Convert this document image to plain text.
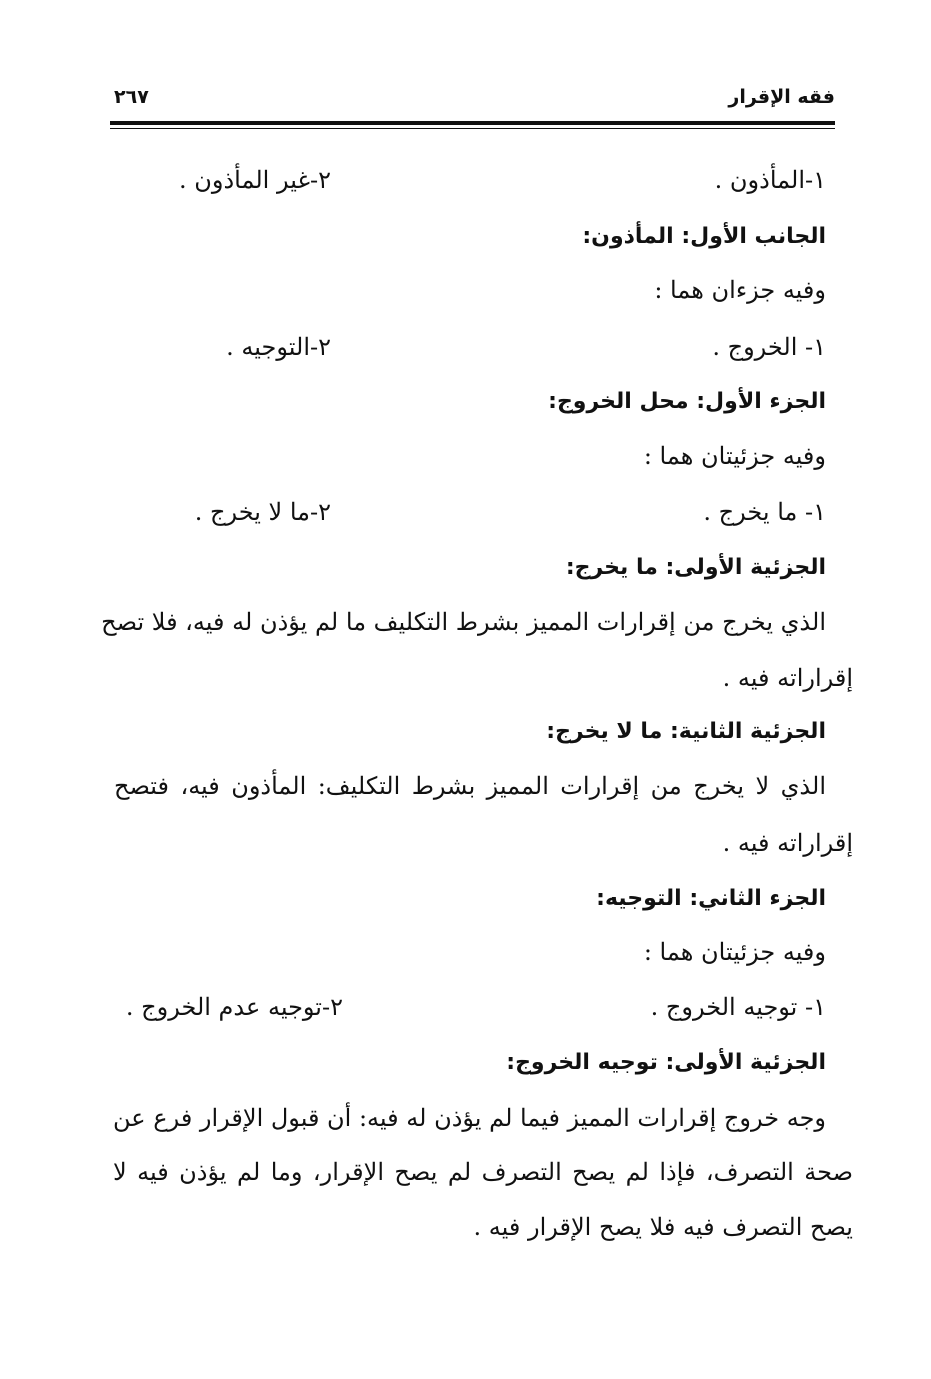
فقه الإقرار
٢٦٧
١-المأذون .
٢-غير المأذون .
الجانب الأول: المأذون:
وفيه جزءان هما :
١- الخروج .
٢-التوجيه .
الجزء الأول: محل الخروج:
وفيه جزئيتان هما :
١- ما يخرج .
٢-ما لا يخرج .
الجزئية الأولى: ما يخرج:
الذي يخرج من إقرارات المميز بشرط التكليف ما لم يؤذن له فيه، فلا تصح
إقراراته فيه .
الجزئية الثانية: ما لا يخرج:
الذي لا يخرج من إقرارات المميز بشرط التكليف: المأذون فيه، فتصح
إقراراته فيه .
الجزء الثاني: التوجيه:
وفيه جزئيتان هما :
١- توجيه الخروج .
٢-توجيه عدم الخروج .
الجزئية الأولى: توجيه الخروج:
وجه خروج إقرارات المميز فيما لم يؤذن له فيه: أن قبول الإقرار فرع عن
صحة التصرف، فإذا لم يصح التصرف لم يصح الإقرار، وما لم يؤذن فيه لا
يصح التصرف فيه فلا يصح الإقرار فيه .
